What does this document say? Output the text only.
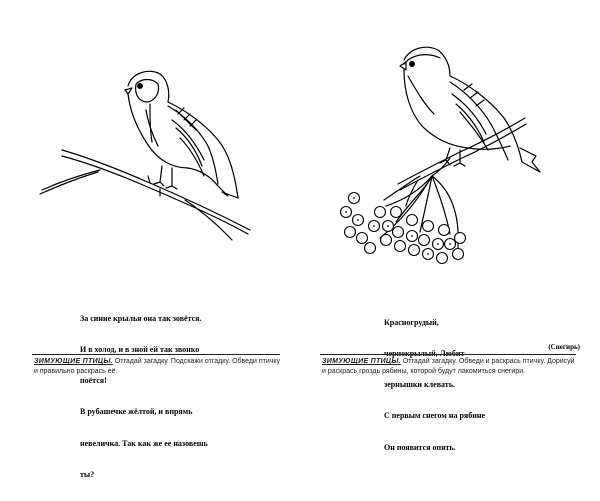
За синие крылья она так зовётся.

И в холод, и в зной ей так звонко

поётся!

В рубашечке жёлтой, и впрямь

невеличка. Так как же ее назовешь

ты?

ЗИМУЮЩИЕ ПТИЦЫ. Отгадай загадку. Подскажи отгадку. Обведи птичку и правильно раскрась её.

Красногрудый,

чернокрылый, Любит

зернышки клевать.

С первым снегом на рябине

Он появится опять.

(Снегирь)

ЗИМУЮЩИЕ ПТИЦЫ. Отгадай загадку. Обведи и раскрась птичку. Дорисуй и раскрась гроздь рябины, которой будут лакомиться снегири.
